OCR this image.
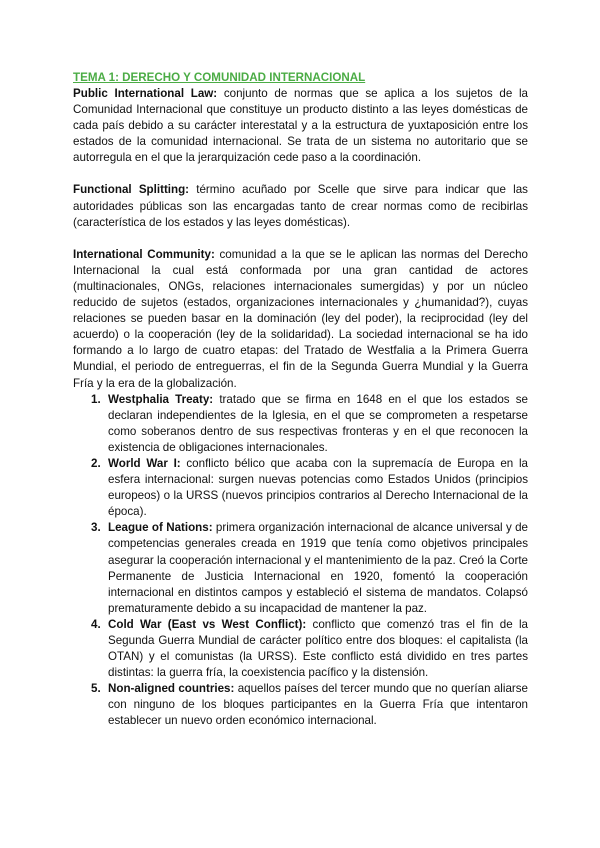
TEMA 1: DERECHO Y COMUNIDAD INTERNACIONAL

Public International Law: conjunto de normas que se aplica a los sujetos de la Comunidad Internacional que constituye un producto distinto a las leyes domésticas de cada país debido a su carácter interestatal y a la estructura de yuxtaposición entre los estados de la comunidad internacional. Se trata de un sistema no autoritario que se autorregula en el que la jerarquización cede paso a la coordinación.

Functional Splitting: término acuñado por Scelle que sirve para indicar que las autoridades públicas son las encargadas tanto de crear normas como de recibirlas (característica de los estados y las leyes domésticas).

International Community: comunidad a la que se le aplican las normas del Derecho Internacional la cual está conformada por una gran cantidad de actores (multinacionales, ONGs, relaciones internacionales sumergidas) y por un núcleo reducido de sujetos (estados, organizaciones internacionales y ¿humanidad?), cuyas relaciones se pueden basar en la dominación (ley del poder), la reciprocidad (ley del acuerdo) o la cooperación (ley de la solidaridad). La sociedad internacional se ha ido formando a lo largo de cuatro etapas: del Tratado de Westfalia a la Primera Guerra Mundial, el periodo de entreguerras, el fin de la Segunda Guerra Mundial y la Guerra Fría y la era de la globalización.

1. Westphalia Treaty: tratado que se firma en 1648 en el que los estados se declaran independientes de la Iglesia, en el que se comprometen a respetarse como soberanos dentro de sus respectivas fronteras y en el que reconocen la existencia de obligaciones internacionales.
2. World War I: conflicto bélico que acaba con la supremacía de Europa en la esfera internacional: surgen nuevas potencias como Estados Unidos (principios europeos) o la URSS (nuevos principios contrarios al Derecho Internacional de la época).
3. League of Nations: primera organización internacional de alcance universal y de competencias generales creada en 1919 que tenía como objetivos principales asegurar la cooperación internacional y el mantenimiento de la paz. Creó la Corte Permanente de Justicia Internacional en 1920, fomentó la cooperación internacional en distintos campos y estableció el sistema de mandatos. Colapsó prematuramente debido a su incapacidad de mantener la paz.
4. Cold War (East vs West Conflict): conflicto que comenzó tras el fin de la Segunda Guerra Mundial de carácter político entre dos bloques: el capitalista (la OTAN) y el comunistas (la URSS). Este conflicto está dividido en tres partes distintas: la guerra fría, la coexistencia pacífico y la distensión.
5. Non-aligned countries: aquellos países del tercer mundo que no querían aliarse con ninguno de los bloques participantes en la Guerra Fría que intentaron establecer un nuevo orden económico internacional.
